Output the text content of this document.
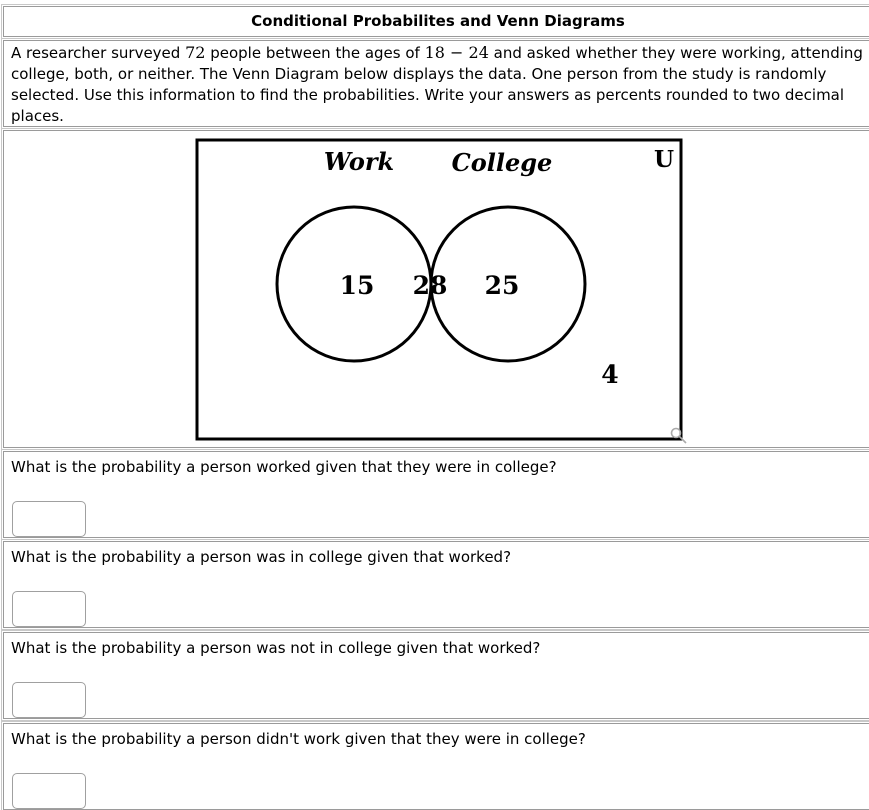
Conditional Probabilites and Venn Diagrams
A researcher surveyed 72 people between the ages of 18 − 24 and asked whether they were working, attending college, both, or neither. The Venn Diagram below displays the data. One person from the study is randomly selected. Use this information to find the probabilities. Write your answers as percents rounded to two decimal places.
Work College	U
15 28 25
4
What is the probability a person worked given that they were in college?
What is the probability a person was in college given that worked?
What is the probability a person was not in college given that worked?
What is the probability a person didn't work given that they were in college?
